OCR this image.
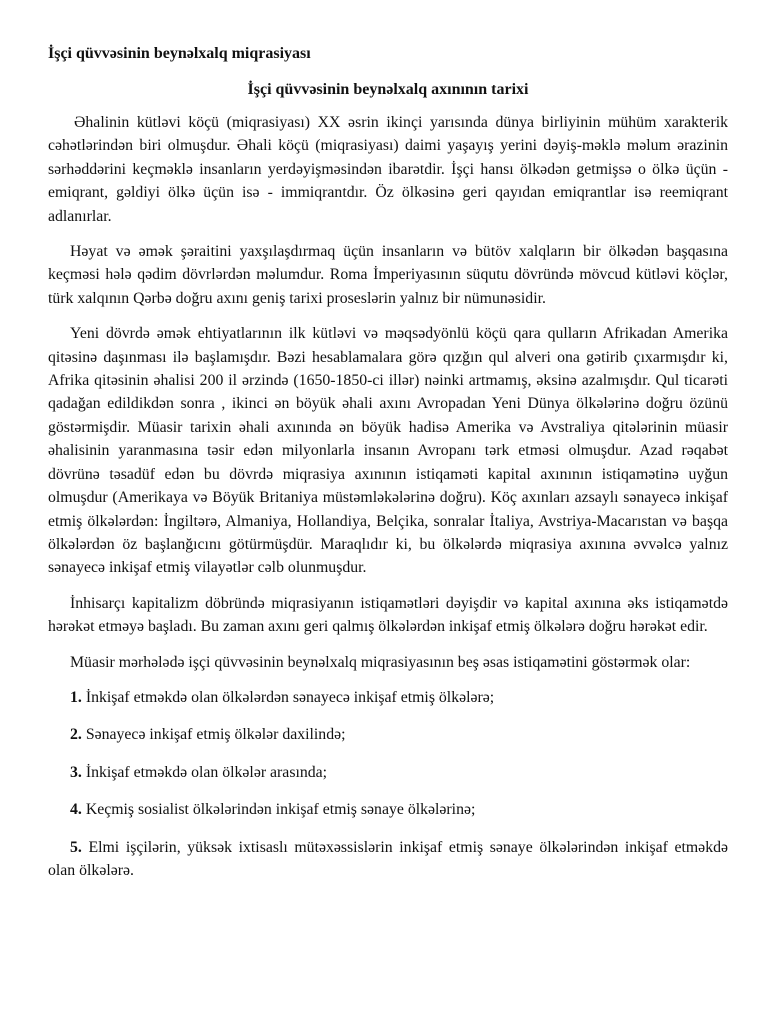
İşçi qüvvəsinin beynəlxalq miqrasiyası
İşçi qüvvəsinin beynəlxalq axınının tarixi

Əhalinin kütləvi köçü (miqrasiyası) XX əsrin ikinçi yarısında dünya birliyinin mühüm xarakterik cəhətlərindən biri olmuşdur. Əhali köçü (miqrasiyası) daimi yaşayış yerini dəyiş-məklə məlum ərazinin sərhəddərini keçməklə insanların yerdəyişməsindən ibarətdir. İşçi hansı ölkədən getmişsə o ölkə üçün - emiqrant, gəldiyi ölkə üçün isə - immiqrantdır. Öz ölkəsinə geri qayıdan emiqrantlar isə reemiqrant adlanırlar.

Həyat və əmək şəraitini yaxşılaşdırmaq üçün insanların və bütöv xalqların bir ölkədən başqasına keçməsi hələ qədim dövrlərdən məlumdur. Roma İmperiyasının süqutu dövründə mövcud kütləvi köçlər, türk xalqının Qərbə doğru axını geniş tarixi proseslərin yalnız bir nümunəsidir.

Yeni dövrdə əmək ehtiyatlarının ilk kütləvi və məqsədyönlü köçü qara qulların Afrikadan Amerika qitəsinə daşınması ilə başlamışdır. Bəzi hesablamalara görə qızğın qul alveri ona gətirib çıxarmışdır ki, Afrika qitəsinin əhalisi 200 il ərzində (1650-1850-ci illər) nəinki artmamış, əksinə azalmışdır. Qul ticarəti qadağan edildikdən sonra , ikinci ən böyük əhali axını Avropadan Yeni Dünya ölkələrinə doğru özünü göstərmişdir. Müasir tarixin əhali axınında ən böyük hadisə Amerika və Avstraliya qitələrinin müasir əhalisinin yaranmasına təsir edən milyonlarla insanın Avropanı tərk etməsi olmuşdur. Azad rəqabət dövrünə təsadüf edən bu dövrdə miqrasiya axınının istiqaməti kapital axınının istiqamətinə uyğun olmuşdur (Amerikaya və Böyük Britaniya müstəmləkələrinə doğru). Köç axınları azsaylı sənayecə inkişaf etmiş ölkələrdən: İngiltərə, Almaniya, Hollandiya, Belçika, sonralar İtaliya, Avstriya-Macarıstan və başqa ölkələrdən öz başlanğıcını götürmüşdür. Maraqlıdır ki, bu ölkələrdə miqrasiya axınına əvvəlcə yalnız sənayecə inkişaf etmiş vilayətlər cəlb olunmuşdur.

İnhisarçı kapitalizm döbründə miqrasiyanın istiqamətləri dəyişdir və kapital axınına əks istiqamətdə hərəkət etməyə başladı. Bu zaman axını geri qalmış ölkələrdən inkişaf etmiş ölkələrə doğru hərəkət edir.

Müasir mərhələdə işçi qüvvəsinin beynəlxalq miqrasiyasının beş əsas istiqamətini göstərmək olar:

1. İnkişaf etməkdə olan ölkələrdən sənayecə inkişaf etmiş ölkələrə;

2. Sənayecə inkişaf etmiş ölkələr daxilində;

3. İnkişaf etməkdə olan ölkələr arasında;

4. Keçmiş sosialist ölkələrindən inkişaf etmiş sənaye ölkələrinə;

5. Elmi işçilərin, yüksək ixtisaslı mütəxəssislərin inkişaf etmiş sənaye ölkələrindən inkişaf etməkdə olan ölkələrə.
